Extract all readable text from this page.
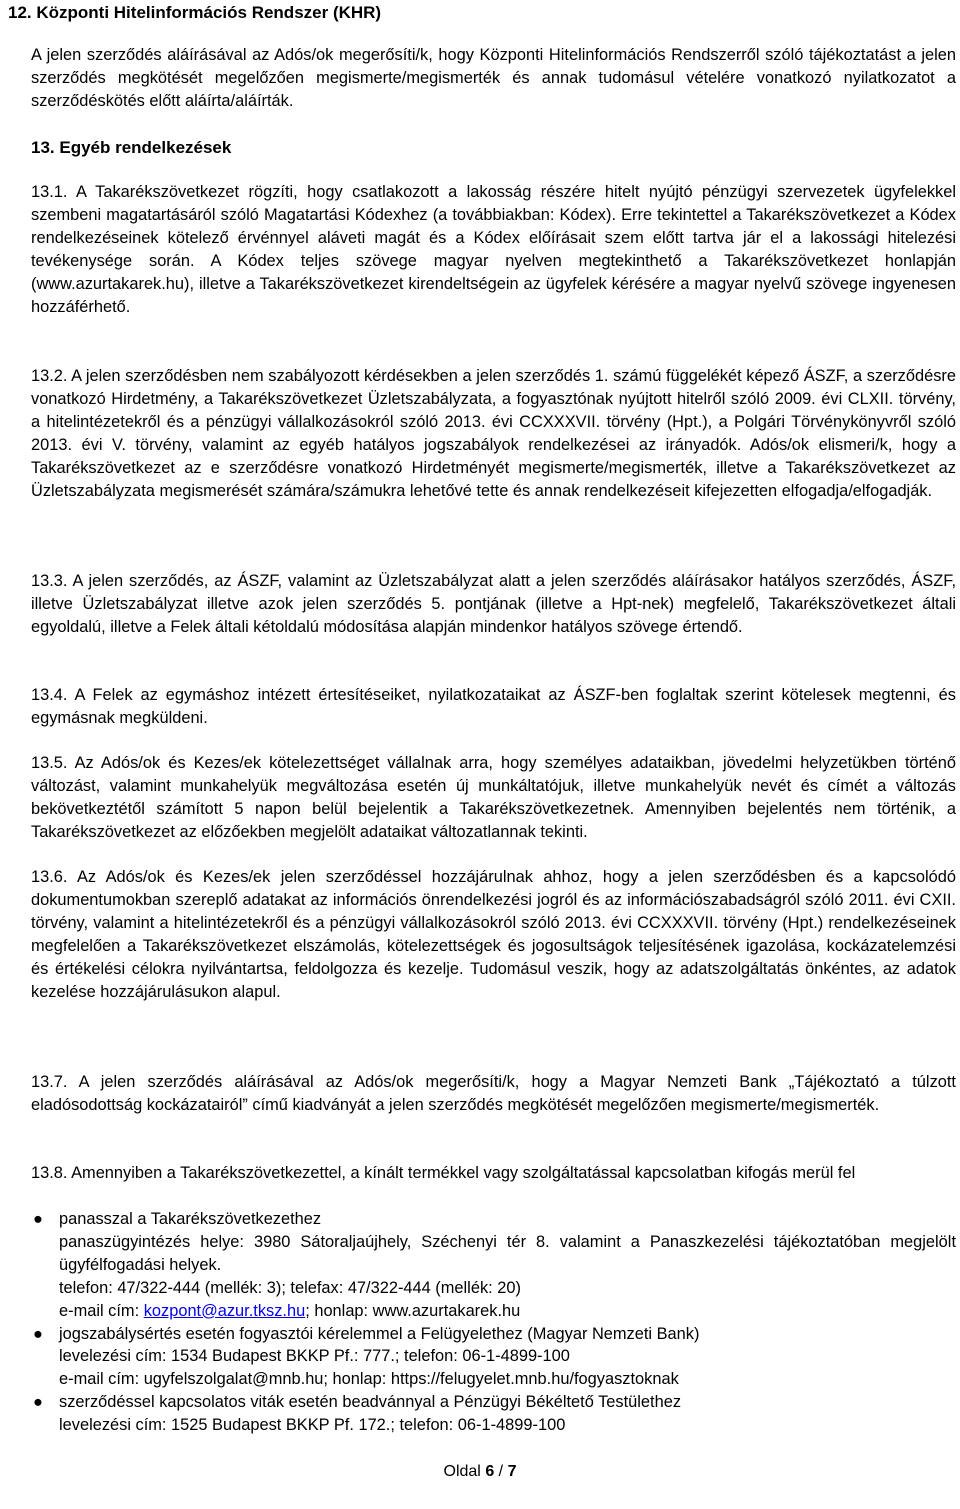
12. Központi Hitelinformációs Rendszer (KHR)

A jelen szerződés aláírásával az Adós/ok megerősíti/k, hogy Központi Hitelinformációs Rendszerről szóló tájékoztatást a jelen szerződés megkötését megelőzően megismerte/megismerték és annak tudomásul vételére vonatkozó nyilatkozatot a szerződéskötés előtt aláírta/aláírták.

13. Egyéb rendelkezések

13.1. A Takarékszövetkezet rögzíti, hogy csatlakozott a lakosság részére hitelt nyújtó pénzügyi szervezetek ügyfelekkel szembeni magatartásáról szóló Magatartási Kódexhez (a továbbiakban: Kódex). Erre tekintettel a Takarékszövetkezet a Kódex rendelkezéseinek kötelező érvénnyel aláveti magát és a Kódex előírásait szem előtt tartva jár el a lakossági hitelezési tevékenysége során. A Kódex teljes szövege magyar nyelven megtekinthető a Takarékszövetkezet honlapján (www.azurtakarek.hu), illetve a Takarékszövetkezet kirendeltségein az ügyfelek kérésére a magyar nyelvű szövege ingyenesen hozzáférhető.

13.2. A jelen szerződésben nem szabályozott kérdésekben a jelen szerződés 1. számú függelékét képező ÁSZF, a szerződésre vonatkozó Hirdetmény, a Takarékszövetkezet Üzletszabályzata, a fogyasztónak nyújtott hitelről szóló 2009. évi CLXII. törvény, a hitelintézetekről és a pénzügyi vállalkozásokról szóló 2013. évi CCXXXVII. törvény (Hpt.), a Polgári Törvénykönyvről szóló 2013. évi V. törvény, valamint az egyéb hatályos jogszabályok rendelkezései az irányadók. Adós/ok elismeri/k, hogy a Takarékszövetkezet az e szerződésre vonatkozó Hirdetményét megismerte/megismerték, illetve a Takarékszövetkezet az Üzletszabályzata megismerését számára/számukra lehetővé tette és annak rendelkezéseit kifejezetten elfogadja/elfogadják.

13.3. A jelen szerződés, az ÁSZF, valamint az Üzletszabályzat alatt a jelen szerződés aláírásakor hatályos szerződés, ÁSZF, illetve Üzletszabályzat illetve azok jelen szerződés 5. pontjának (illetve a Hpt-nek) megfelelő, Takarékszövetkezet általi egyoldalú, illetve a Felek általi kétoldalú módosítása alapján mindenkor hatályos szövege értendő.

13.4. A Felek az egymáshoz intézett értesítéseiket, nyilatkozataikat az ÁSZF-ben foglaltak szerint kötelesek megtenni, és egymásnak megküldeni.

13.5. Az Adós/ok és Kezes/ek kötelezettséget vállalnak arra, hogy személyes adataikban, jövedelmi helyzetükben történő változást, valamint munkahelyük megváltozása esetén új munkáltatójuk, illetve munkahelyük nevét és címét a változás bekövetkeztétől számított 5 napon belül bejelentik a Takarékszövetkezetnek. Amennyiben bejelentés nem történik, a Takarékszövetkezet az előzőekben megjelölt adataikat változatlannak tekinti.

13.6. Az Adós/ok és Kezes/ek jelen szerződéssel hozzájárulnak ahhoz, hogy a jelen szerződésben és a kapcsolódó dokumentumokban szereplő adatakat az információs önrendelkezési jogról és az információszabadságról szóló 2011. évi CXII. törvény, valamint a hitelintézetekről és a pénzügyi vállalkozásokról szóló 2013. évi CCXXXVII. törvény (Hpt.) rendelkezéseinek megfelelően a Takarékszövetkezet elszámolás, kötelezettségek és jogosultságok teljesítésének igazolása, kockázatelemzési és értékelési célokra nyilvántartsa, feldolgozza és kezelje. Tudomásul veszik, hogy az adatszolgáltatás önkéntes, az adatok kezelése hozzájárulásukon alapul.

13.7. A jelen szerződés aláírásával az Adós/ok megerősíti/k, hogy a Magyar Nemzeti Bank „Tájékoztató a túlzott eladósodottság kockázatairól” című kiadványát a jelen szerződés megkötését megelőzően megismerte/megismerték.

13.8. Amennyiben a Takarékszövetkezettel, a kínált termékkel vagy szolgáltatással kapcsolatban kifogás merül fel

● panasszal a Takarékszövetkezethez
panaszügyintézés helye: 3980 Sátoraljaújhely, Széchenyi tér 8. valamint a Panaszkezelési tájékoztatóban megjelölt ügyfélfogadási helyek.
telefon: 47/322-444 (mellék: 3); telefax: 47/322-444 (mellék: 20)
e-mail cím: kozpont@azur.tksz.hu; honlap: www.azurtakarek.hu
● jogszabálysértés esetén fogyasztói kérelemmel a Felügyelethez (Magyar Nemzeti Bank)
levelezési cím: 1534 Budapest BKKP Pf.: 777.; telefon: 06-1-4899-100
e-mail cím: ugyfelszolgalat@mnb.hu; honlap: https://felugyelet.mnb.hu/fogyasztoknak
● szerződéssel kapcsolatos viták esetén beadvánnyal a Pénzügyi Békéltető Testülethez
levelezési cím: 1525 Budapest BKKP Pf. 172.; telefon: 06-1-4899-100
Oldal 6 / 7
